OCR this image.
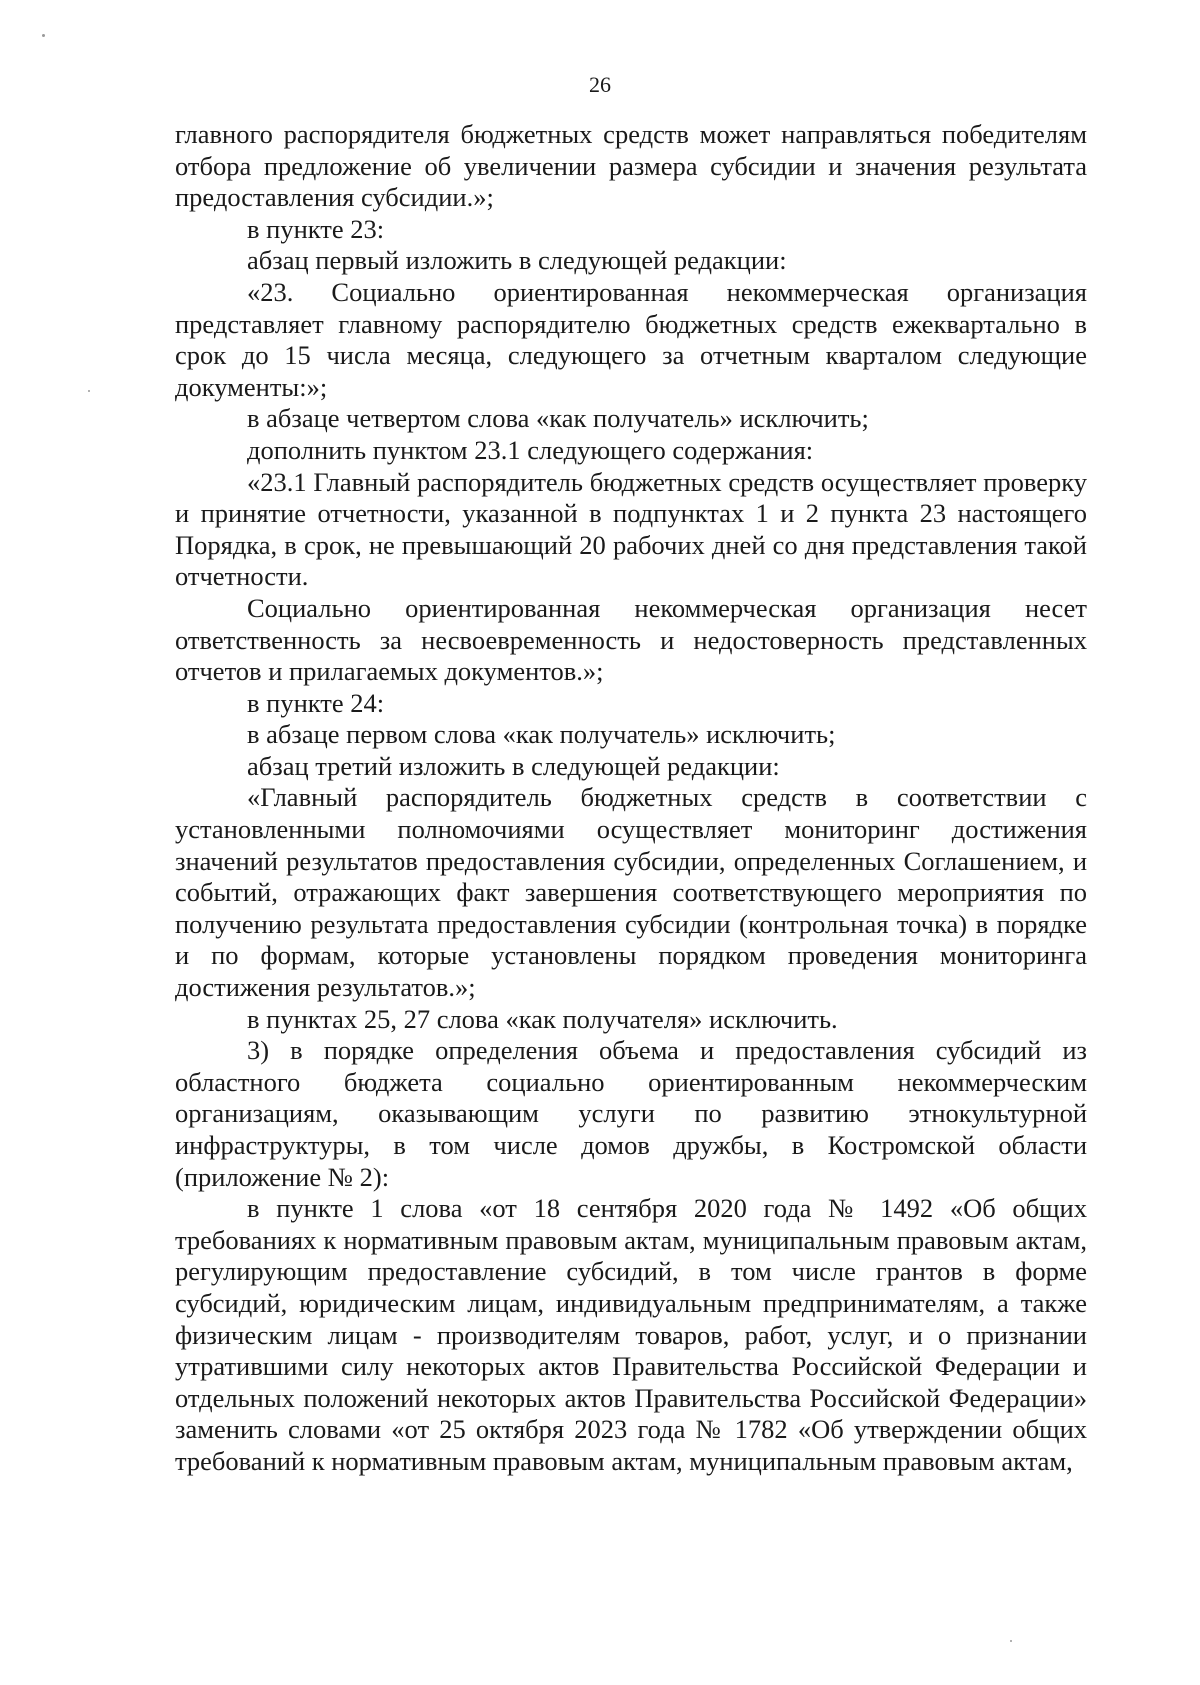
26

главного распорядителя бюджетных средств может направляться победителям отбора предложение об увеличении размера субсидии и значения результата предоставления субсидии.»;

в пункте 23:

абзац первый изложить в следующей редакции:

«23. Социально ориентированная некоммерческая организация представляет главному распорядителю бюджетных средств ежеквартально в срок до 15 числа месяца, следующего за отчетным кварталом следующие документы:»;

в абзаце четвертом слова «как получатель» исключить;

дополнить пунктом 23.1 следующего содержания:

«23.1 Главный распорядитель бюджетных средств осуществляет проверку и принятие отчетности, указанной в подпунктах 1 и 2 пункта 23 настоящего Порядка, в срок, не превышающий 20 рабочих дней со дня представления такой отчетности.

Социально ориентированная некоммерческая организация несет ответственность за несвоевременность и недостоверность представленных отчетов и прилагаемых документов.»;

в пункте 24:

в абзаце первом слова «как получатель» исключить;

абзац третий изложить в следующей редакции:

«Главный распорядитель бюджетных средств в соответствии с установленными полномочиями осуществляет мониторинг достижения значений результатов предоставления субсидии, определенных Соглашением, и событий, отражающих факт завершения соответствующего мероприятия по получению результата предоставления субсидии (контрольная точка) в порядке и по формам, которые установлены порядком проведения мониторинга достижения результатов.»;

в пунктах 25, 27 слова «как получателя» исключить.

3) в порядке определения объема и предоставления субсидий из областного бюджета социально ориентированным некоммерческим организациям, оказывающим услуги по развитию этнокультурной инфраструктуры, в том числе домов дружбы, в Костромской области (приложение № 2):

в пункте 1 слова «от 18 сентября 2020 года № 1492 «Об общих требованиях к нормативным правовым актам, муниципальным правовым актам, регулирующим предоставление субсидий, в том числе грантов в форме субсидий, юридическим лицам, индивидуальным предпринимателям, а также физическим лицам - производителям товаров, работ, услуг, и о признании утратившими силу некоторых актов Правительства Российской Федерации и отдельных положений некоторых актов Правительства Российской Федерации» заменить словами «от 25 октября 2023 года № 1782 «Об утверждении общих требований к нормативным правовым актам, муниципальным правовым актам,
